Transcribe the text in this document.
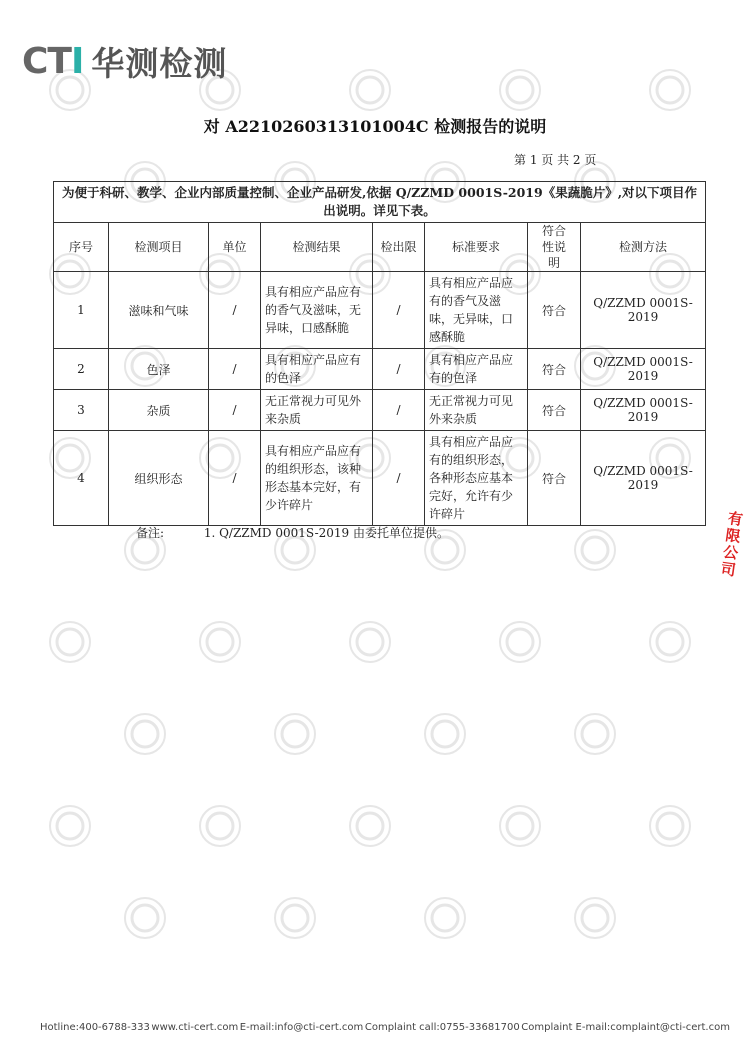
CTI 华测检测
对 A2210260313101004C 检测报告的说明
第 1 页 共 2 页
为便于科研、教学、企业内部质量控制、企业产品研发,依据 Q/ZZMD 0001S-2019《果蔬脆片》,对以下项目作出说明。详见下表。							
序号	检测项目	单位	检测结果	检出限	标准要求	符合性说明	检测方法
1	滋味和气味	/	具有相应产品应有的香气及滋味，无异味，口感酥脆	/	具有相应产品应有的香气及滋味，无异味，口感酥脆	符合	Q/ZZMD 0001S-2019
2	色泽	/	具有相应产品应有的色泽	/	具有相应产品应有的色泽	符合	Q/ZZMD 0001S-2019
3	杂质	/	无正常视力可见外来杂质	/	无正常视力可见外来杂质	符合	Q/ZZMD 0001S-2019
4	组织形态	/	具有相应产品应有的组织形态，该种形态基本完好，有少许碎片	/	具有相应产品应有的组织形态，各种形态应基本完好，允许有少许碎片	符合	Q/ZZMD 0001S-2019
备注:	1. Q/ZZMD 0001S-2019 由委托单位提供。	有限公司
Hotline:400-6788-333 www.cti-cert.com E-mail:info@cti-cert.com Complaint call:0755-33681700 Complaint E-mail:complaint@cti-cert.com
